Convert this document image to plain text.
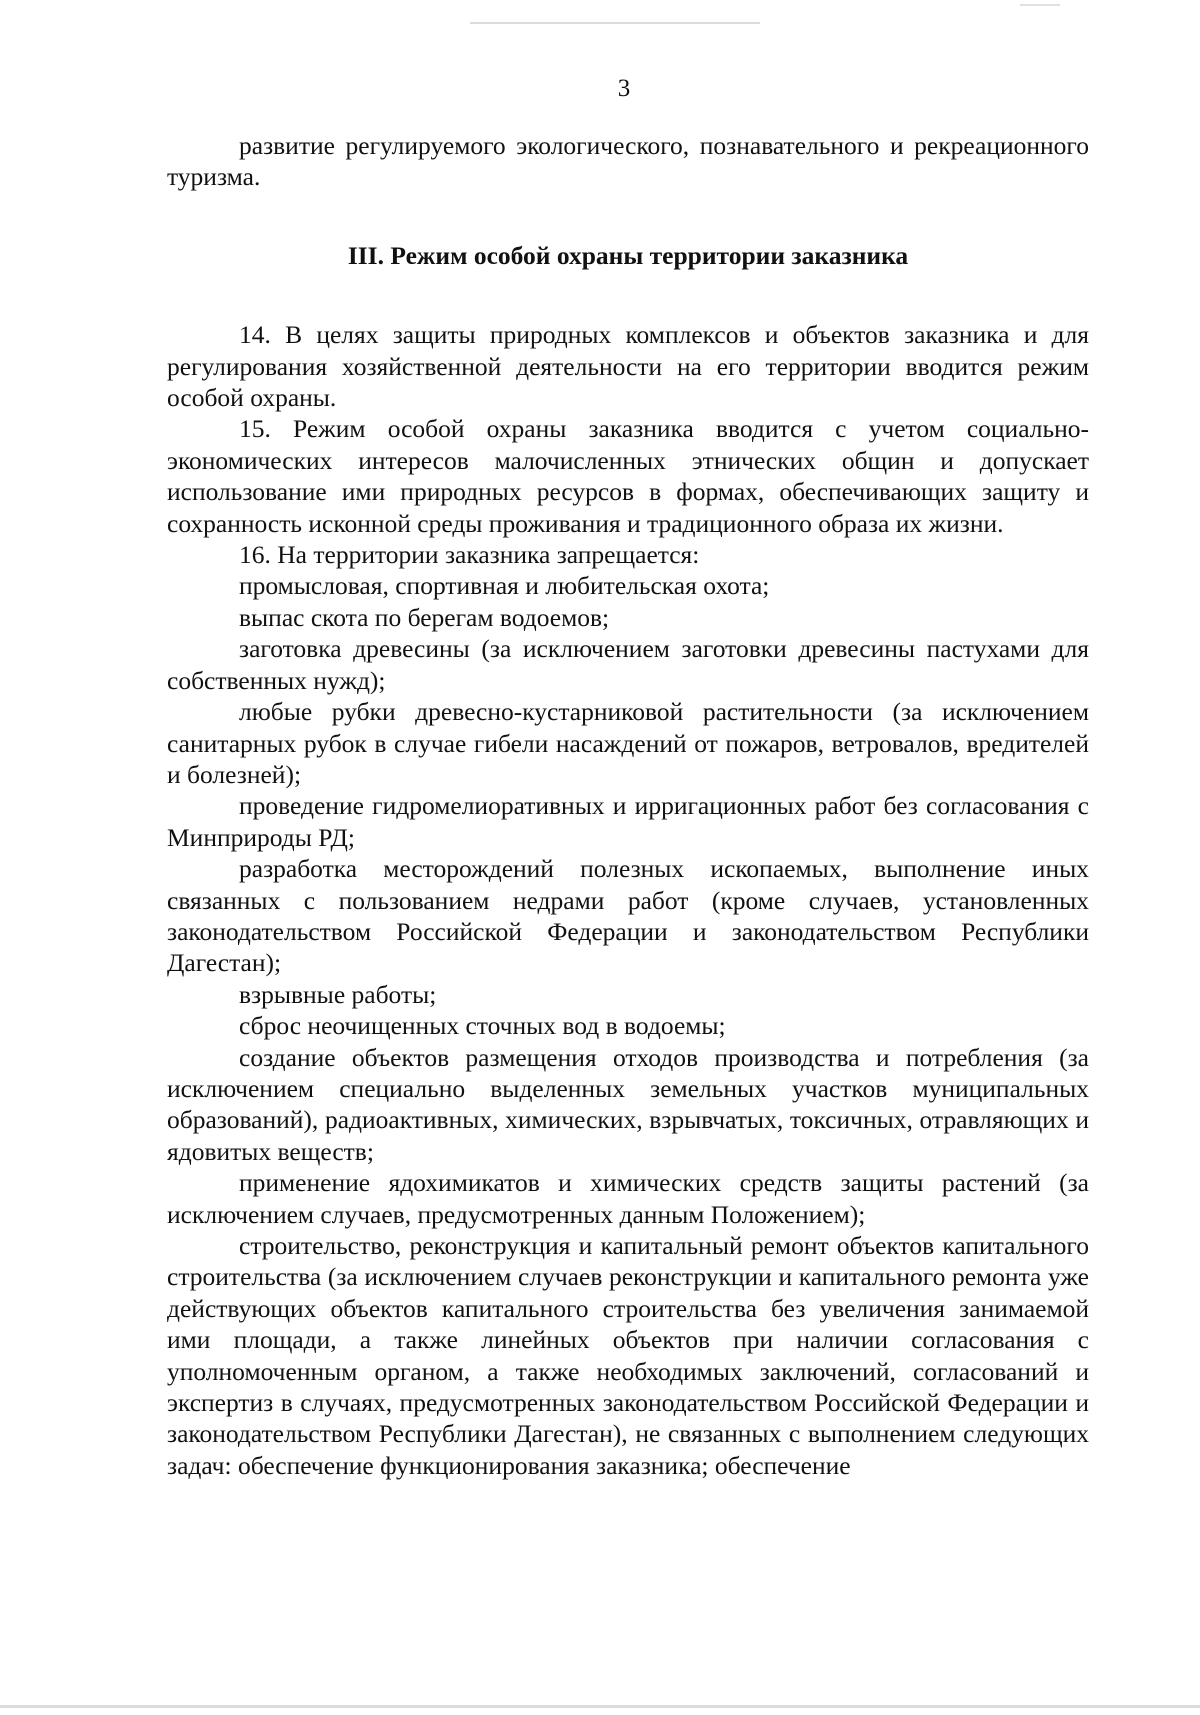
3

развитие регулируемого экологического, познавательного и рекреационного туризма.

III. Режим особой охраны территории заказника

14. В целях защиты природных комплексов и объектов заказника и для регулирования хозяйственной деятельности на его территории вводится режим особой охраны.

15. Режим особой охраны заказника вводится с учетом социально-экономических интересов малочисленных этнических общин и допускает использование ими природных ресурсов в формах, обеспечивающих защиту и сохранность исконной среды проживания и традиционного образа их жизни.

16. На территории заказника запрещается:

промысловая, спортивная и любительская охота;

выпас скота по берегам водоемов;

заготовка древесины (за исключением заготовки древесины пастухами для собственных нужд);

любые рубки древесно-кустарниковой растительности (за исключением санитарных рубок в случае гибели насаждений от пожаров, ветровалов, вредителей и болезней);

проведение гидромелиоративных и ирригационных работ без согласования с Минприроды РД;

разработка месторождений полезных ископаемых, выполнение иных связанных с пользованием недрами работ (кроме случаев, установленных законодательством Российской Федерации и законодательством Республики Дагестан);

взрывные работы;

сброс неочищенных сточных вод в водоемы;

создание объектов размещения отходов производства и потребления (за исключением специально выделенных земельных участков муниципальных образований), радиоактивных, химических, взрывчатых, токсичных, отравляющих и ядовитых веществ;

применение ядохимикатов и химических средств защиты растений (за исключением случаев, предусмотренных данным Положением);

строительство, реконструкция и капитальный ремонт объектов капитального строительства (за исключением случаев реконструкции и капитального ремонта уже действующих объектов капитального строительства без увеличения занимаемой ими площади, а также линейных объектов при наличии согласования с уполномоченным органом, а также необходимых заключений, согласований и экспертиз в случаях, предусмотренных законодательством Российской Федерации и законодательством Республики Дагестан), не связанных с выполнением следующих задач: обеспечение функционирования заказника; обеспечение
